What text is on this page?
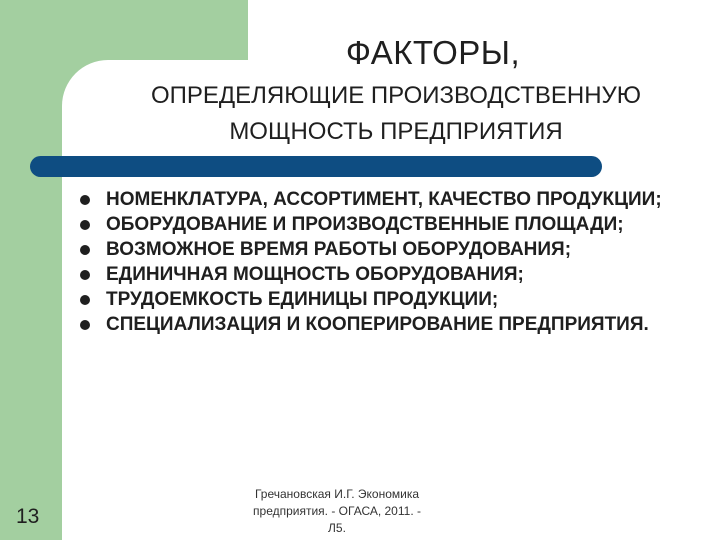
ФАКТОРЫ,
ОПРЕДЕЛЯЮЩИЕ ПРОИЗВОДСТВЕННУЮ
МОЩНОСТЬ ПРЕДПРИЯТИЯ
НОМЕНКЛАТУРА, АССОРТИМЕНТ, КАЧЕСТВО ПРОДУКЦИИ;
ОБОРУДОВАНИЕ И ПРОИЗВОДСТВЕННЫЕ ПЛОЩАДИ;
ВОЗМОЖНОЕ ВРЕМЯ РАБОТЫ ОБОРУДОВАНИЯ;
ЕДИНИЧНАЯ МОЩНОСТЬ ОБОРУДОВАНИЯ;
ТРУДОЕМКОСТЬ ЕДИНИЦЫ ПРОДУКЦИИ;
СПЕЦИАЛИЗАЦИЯ И КООПЕРИРОВАНИЕ ПРЕДПРИЯТИЯ.
13
Гречановская И.Г. Экономика
предприятия. - ОГАСА, 2011. -
Л5.
